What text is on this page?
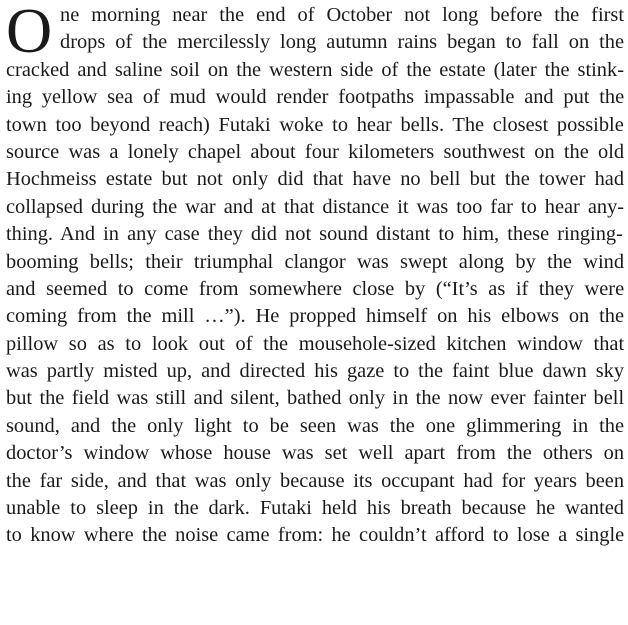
O ne morning near the end of October not long before the first
drops of the mercilessly long autumn rains began to fall on the
cracked and saline soil on the western side of the estate (later the stink-
ing yellow sea of mud would render footpaths impassable and put the
town too beyond reach) Futaki woke to hear bells. The closest possible
source was a lonely chapel about four kilometers southwest on the old
Hochmeiss estate but not only did that have no bell but the tower had
collapsed during the war and at that distance it was too far to hear any-
thing. And in any case they did not sound distant to him, these ringing-
booming bells; their triumphal clangor was swept along by the wind
and seemed to come from somewhere close by (“It’s as if they were
coming from the mill …”). He propped himself on his elbows on the
pillow so as to look out of the mousehole-sized kitchen window that
was partly misted up, and directed his gaze to the faint blue dawn sky
but the field was still and silent, bathed only in the now ever fainter bell
sound, and the only light to be seen was the one glimmering in the
doctor’s window whose house was set well apart from the others on
the far side, and that was only because its occupant had for years been
unable to sleep in the dark. Futaki held his breath because he wanted
to know where the noise came from: he couldn’t afford to lose a single
